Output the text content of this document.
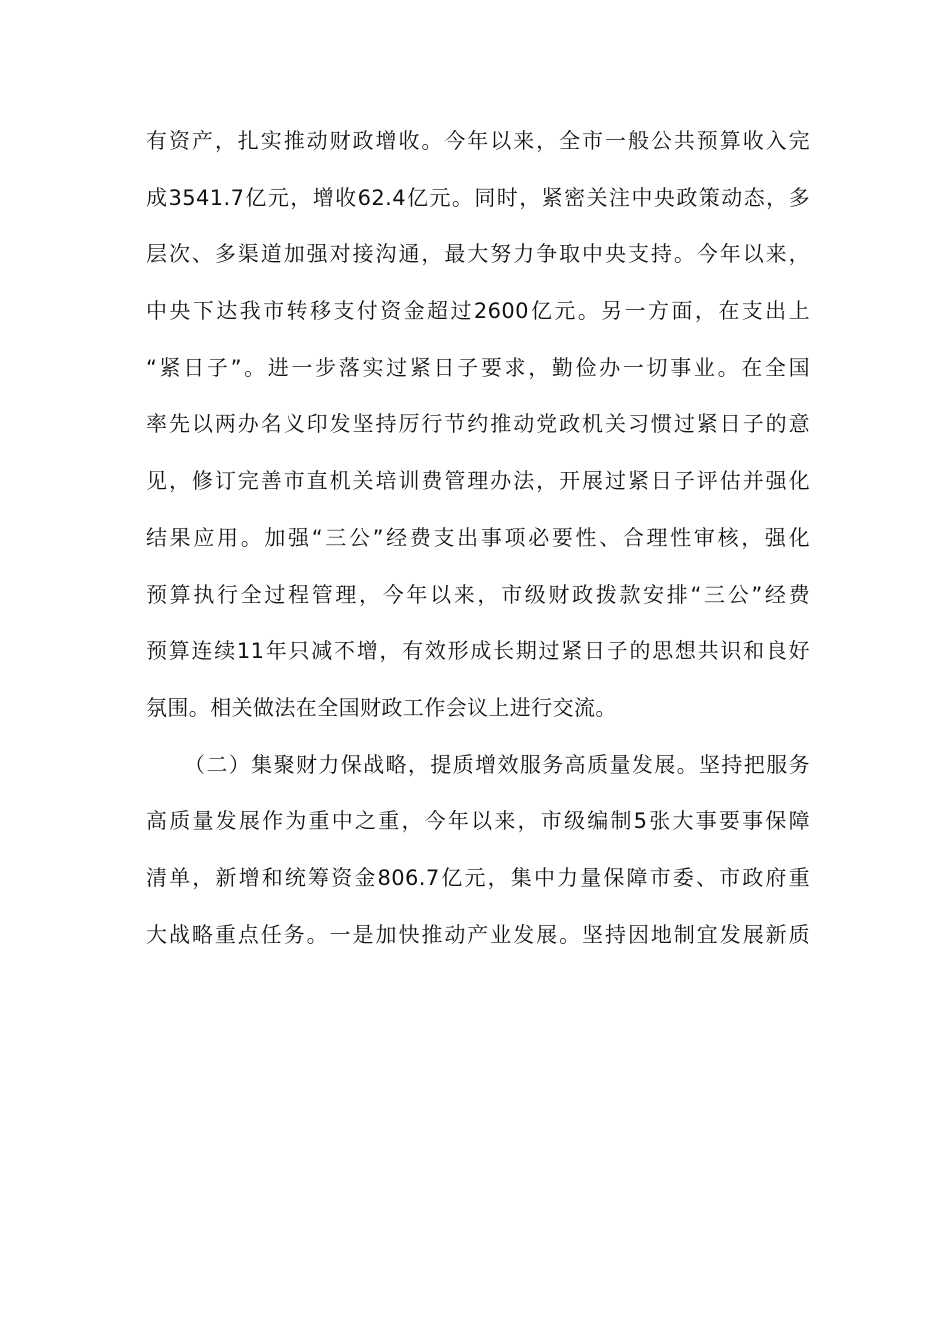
有资产，扎实推动财政增收。今年以来，全市一般公共预算收入完
成3541.7亿元，增收62.4亿元。同时，紧密关注中央政策动态，多
层次、多渠道加强对接沟通，最大努力争取中央支持。今年以来，
中央下达我市转移支付资金超过2600亿元。另一方面，在支出上
“紧日子”。进一步落实过紧日子要求，勤俭办一切事业。在全国
率先以两办名义印发坚持厉行节约推动党政机关习惯过紧日子的意
见，修订完善市直机关培训费管理办法，开展过紧日子评估并强化
结果应用。加强“三公”经费支出事项必要性、合理性审核，强化
预算执行全过程管理，今年以来，市级财政拨款安排“三公”经费
预算连续11年只减不增，有效形成长期过紧日子的思想共识和良好
氛围。相关做法在全国财政工作会议上进行交流。
（二）集聚财力保战略，提质增效服务高质量发展。坚持把服务
高质量发展作为重中之重，今年以来，市级编制5张大事要事保障
清单，新增和统筹资金806.7亿元，集中力量保障市委、市政府重
大战略重点任务。一是加快推动产业发展。坚持因地制宜发展新质
